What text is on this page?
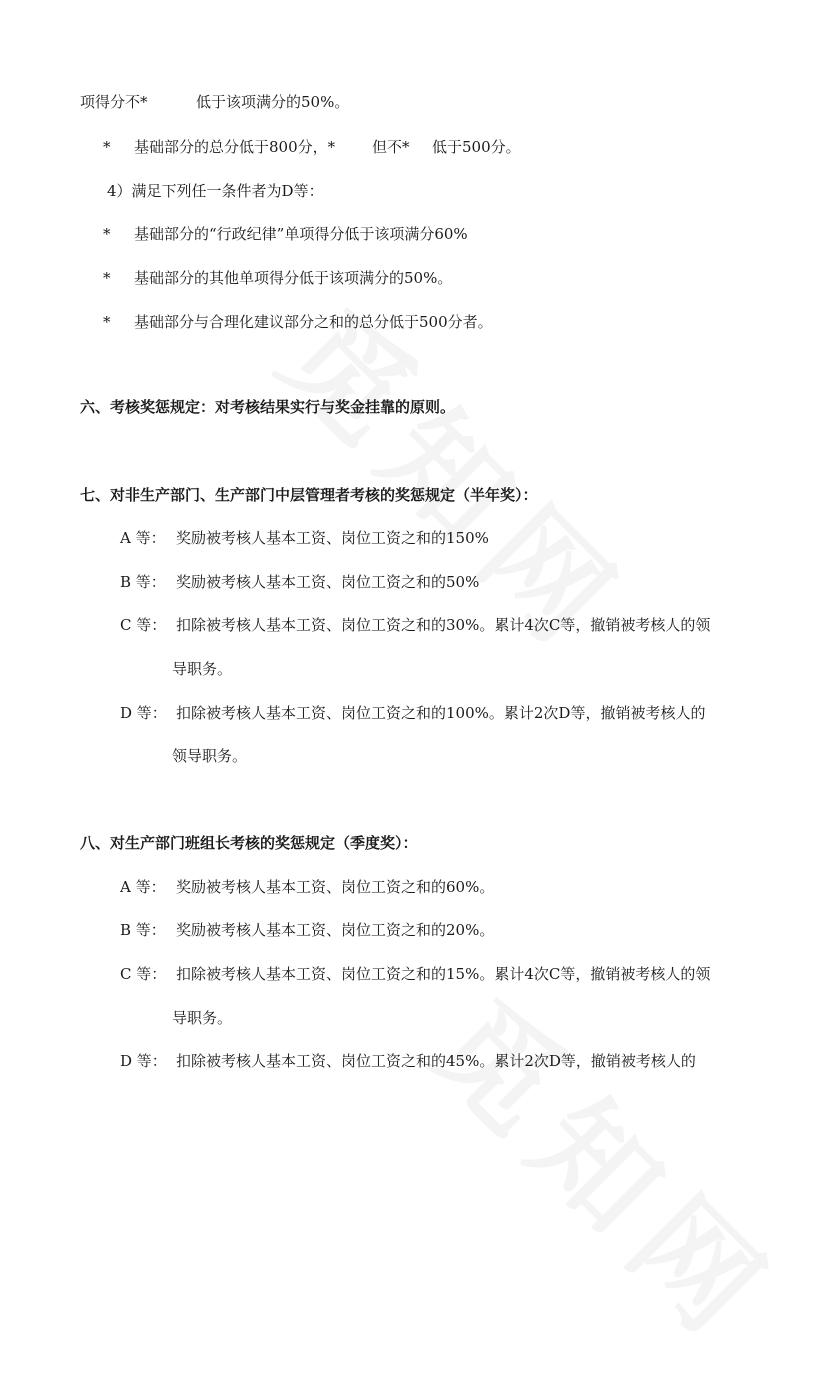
项得分不*	低于该项满分的50%。
* 基础部分的总分低于800分，* 但不* 低于500分。
4）满足下列任一条件者为D等：
* 基础部分的“行政纪律”单项得分低于该项满分60%
* 基础部分的其他单项得分低于该项满分的50%。
* 基础部分与合理化建议部分之和的总分低于500分者。
六、考核奖惩规定：对考核结果实行与奖金挂靠的原则。
七、对非生产部门、生产部门中层管理者考核的奖惩规定（半年奖）：
A 等： 奖励被考核人基本工资、岗位工资之和的150%
B 等： 奖励被考核人基本工资、岗位工资之和的50%
C 等： 扣除被考核人基本工资、岗位工资之和的30%。累计4次C等，撤销被考核人的领
导职务。
D 等： 扣除被考核人基本工资、岗位工资之和的100%。累计2次D等，撤销被考核人的
领导职务。
八、对生产部门班组长考核的奖惩规定（季度奖）：
A 等： 奖励被考核人基本工资、岗位工资之和的60%。
B 等： 奖励被考核人基本工资、岗位工资之和的20%。
C 等： 扣除被考核人基本工资、岗位工资之和的15%。累计4次C等，撤销被考核人的领
导职务。
D 等： 扣除被考核人基本工资、岗位工资之和的45%。累计2次D等，撤销被考核人的
